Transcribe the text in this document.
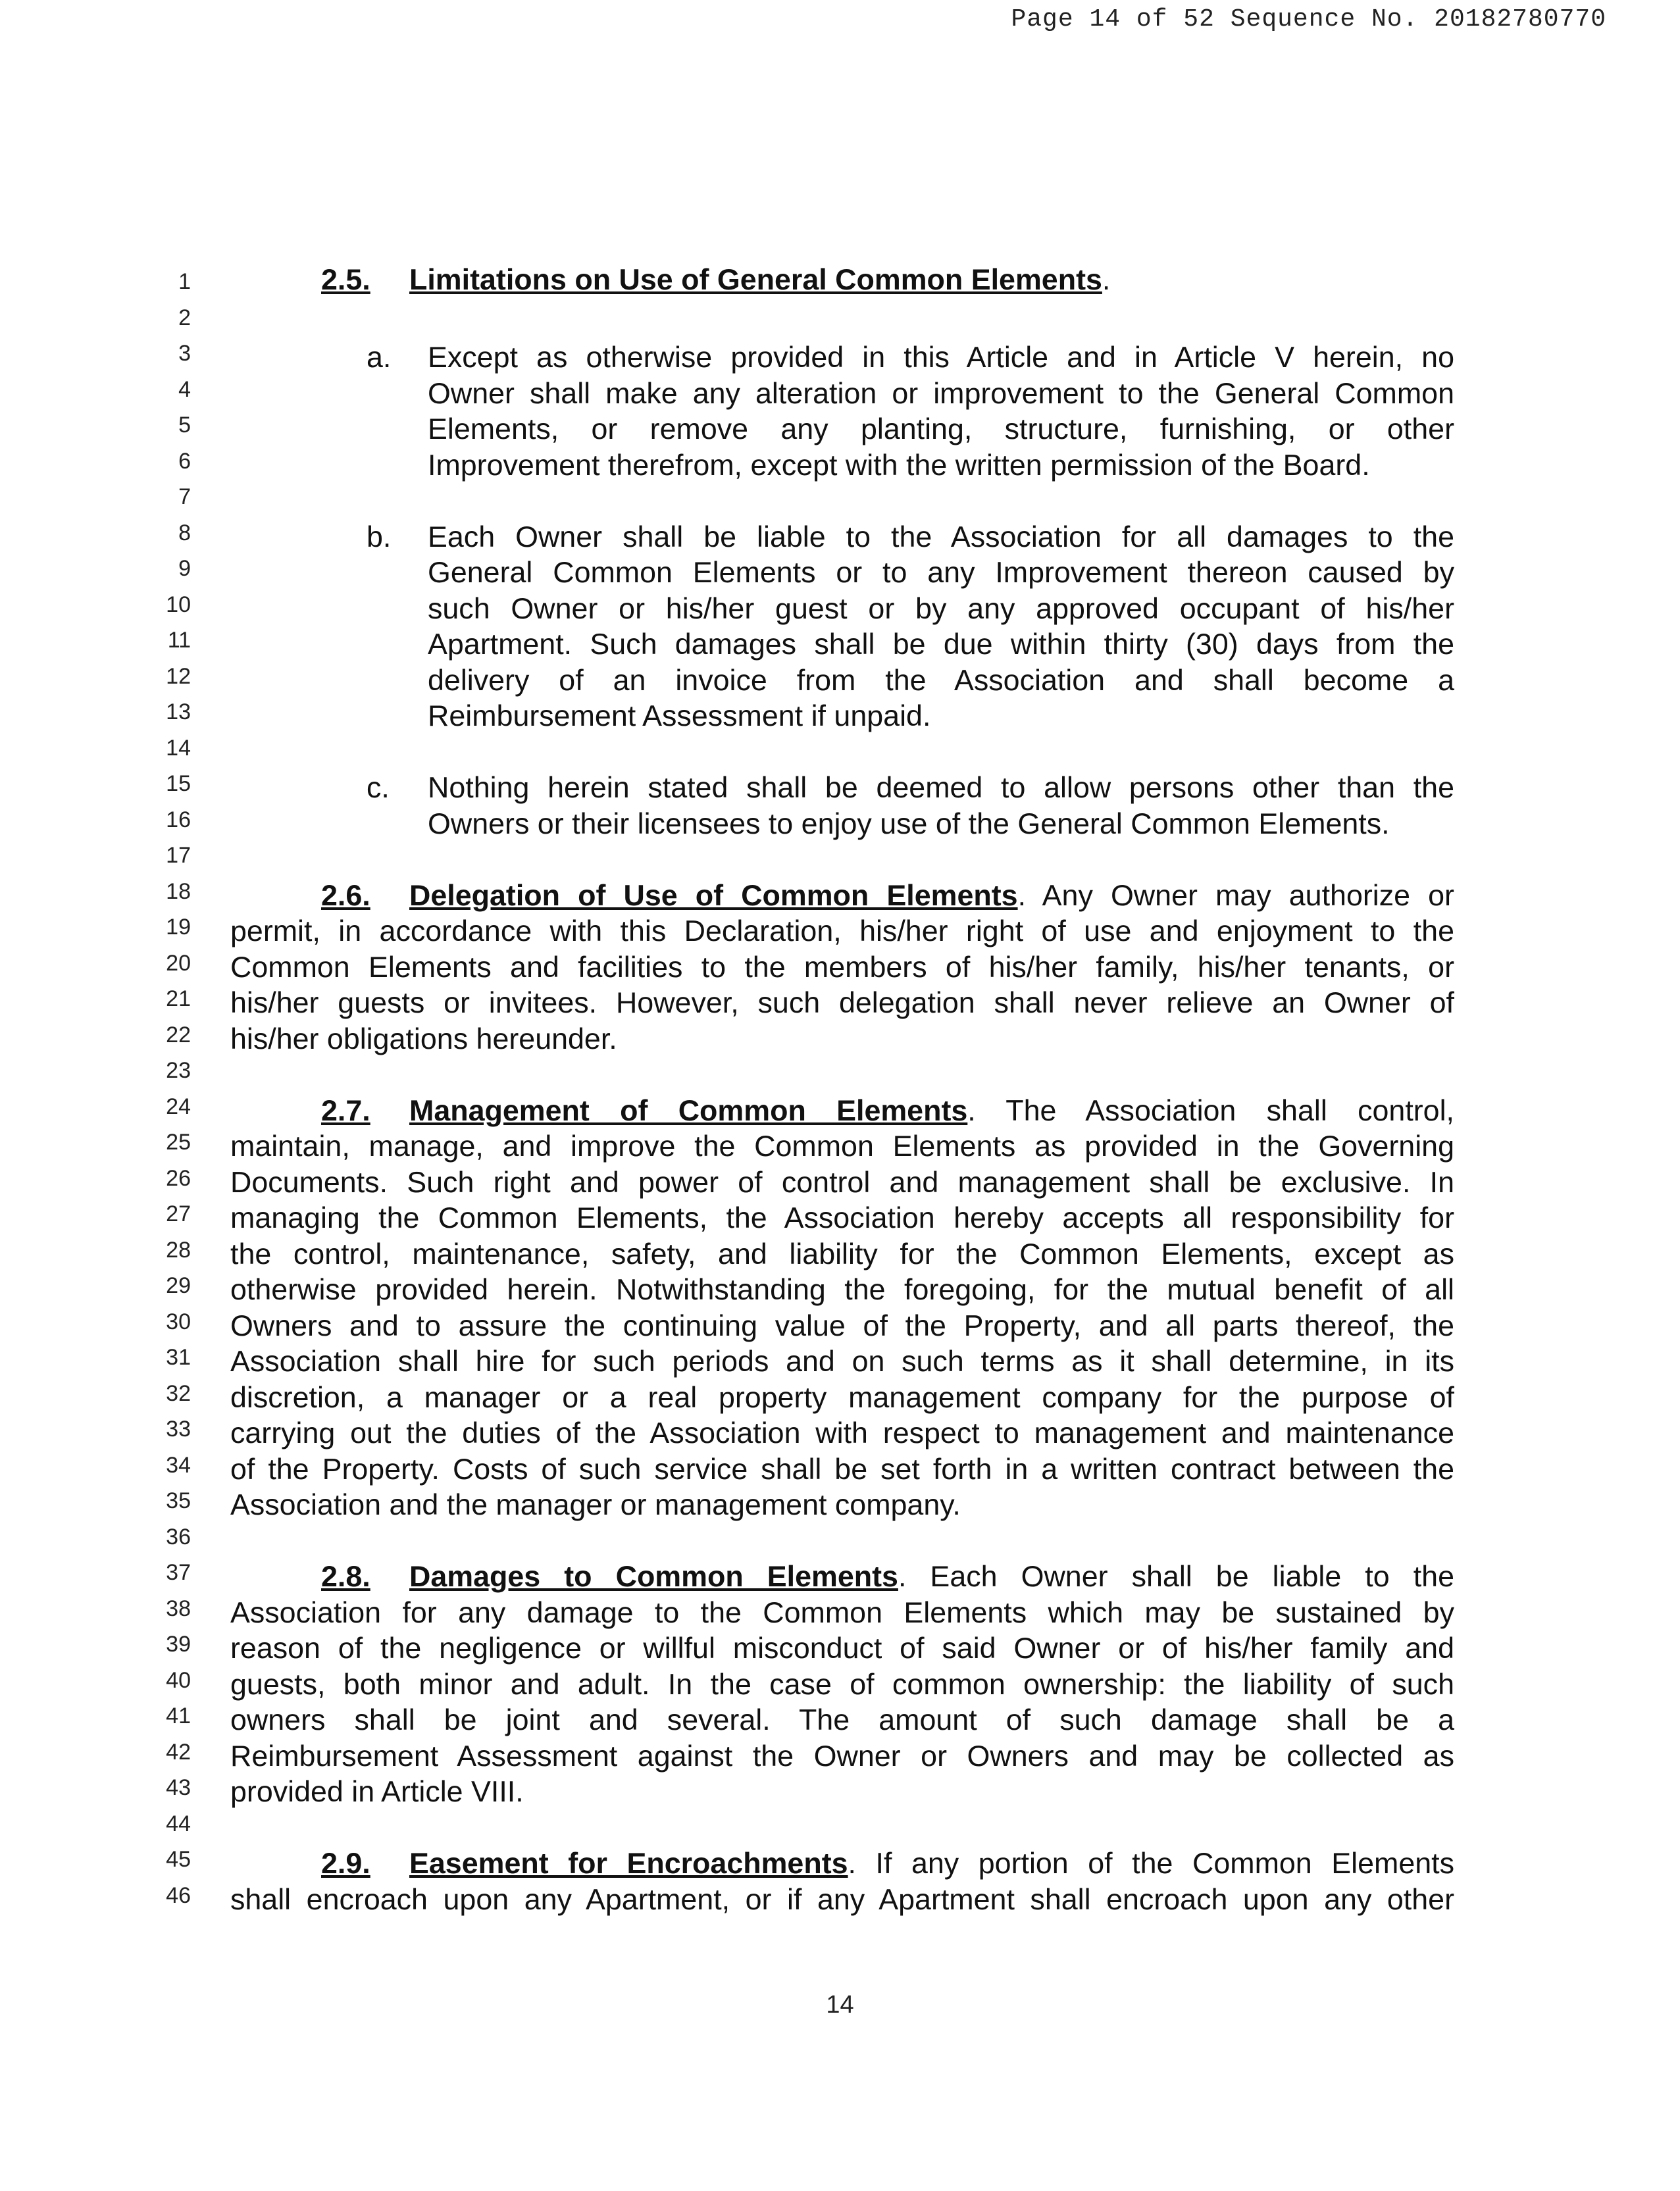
Page 14 of 52 Sequence No. 20182780770
1
2
3
4
5
6
7
8
9
10
11
12
13
14
15
16
17
18
19
20
21
22
23
24
25
26
27
28
29
30
31
32
33
34
35
36
37
38
39
40
41
42
43
44
45
46
2.5. Limitations on Use of General Common Elements.
a. Except as otherwise provided in this Article and in Article V herein, no
Owner shall make any alteration or improvement to the General Common
Elements, or remove any planting, structure, furnishing, or other
Improvement therefrom, except with the written permission of the Board.
b. Each Owner shall be liable to the Association for all damages to the
General Common Elements or to any Improvement thereon caused by
such Owner or his/her guest or by any approved occupant of his/her
Apartment. Such damages shall be due within thirty (30) days from the
delivery of an invoice from the Association and shall become a
Reimbursement Assessment if unpaid.
c. Nothing herein stated shall be deemed to allow persons other than the
Owners or their licensees to enjoy use of the General Common Elements.
2.6. Delegation of Use of Common Elements. Any Owner may authorize or
permit, in accordance with this Declaration, his/her right of use and enjoyment to the
Common Elements and facilities to the members of his/her family, his/her tenants, or
his/her guests or invitees. However, such delegation shall never relieve an Owner of
his/her obligations hereunder.
2.7. Management of Common Elements. The Association shall control,
maintain, manage, and improve the Common Elements as provided in the Governing
Documents. Such right and power of control and management shall be exclusive. In
managing the Common Elements, the Association hereby accepts all responsibility for
the control, maintenance, safety, and liability for the Common Elements, except as
otherwise provided herein. Notwithstanding the foregoing, for the mutual benefit of all
Owners and to assure the continuing value of the Property, and all parts thereof, the
Association shall hire for such periods and on such terms as it shall determine, in its
discretion, a manager or a real property management company for the purpose of
carrying out the duties of the Association with respect to management and maintenance
of the Property. Costs of such service shall be set forth in a written contract between the
Association and the manager or management company.
2.8. Damages to Common Elements. Each Owner shall be liable to the
Association for any damage to the Common Elements which may be sustained by
reason of the negligence or willful misconduct of said Owner or of his/her family and
guests, both minor and adult. In the case of common ownership: the liability of such
owners shall be joint and several. The amount of such damage shall be a
Reimbursement Assessment against the Owner or Owners and may be collected as
provided in Article VIII.
2.9. Easement for Encroachments. If any portion of the Common Elements
shall encroach upon any Apartment, or if any Apartment shall encroach upon any other
14
